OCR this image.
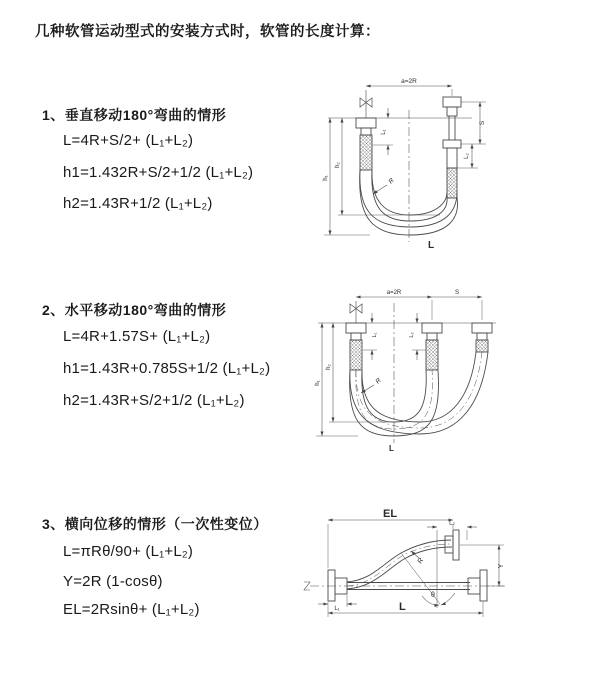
几种软管运动型式的安装方式时，软管的长度计算：
1、垂直移动180°弯曲的情形
L=4R+S/2+ (L₁+L₂)
h1=1.432R+S/2+1/2 (L₁+L₂)
h2=1.43R+1/2 (L₁+L₂)
2、水平移动180°弯曲的情形
L=4R+1.57S+ (L₁+L₂)
h1=1.43R+0.785S+1/2 (L₁+L₂)
h2=1.43R+S/2+1/2 (L₁+L₂)
3、横向位移的情形（一次性变位）
L=πRθ/90+ (L₁+L₂)
Y=2R (1-cosθ)
EL=2Rsinθ+ (L₁+L₂)
a=2R
L₁
S
L₂
h₁
h₂
R
L
a=2R	S
L₁	L₂
h₁
h₂
R
L
EL
L₂
Y
R
θ
L
L₁
